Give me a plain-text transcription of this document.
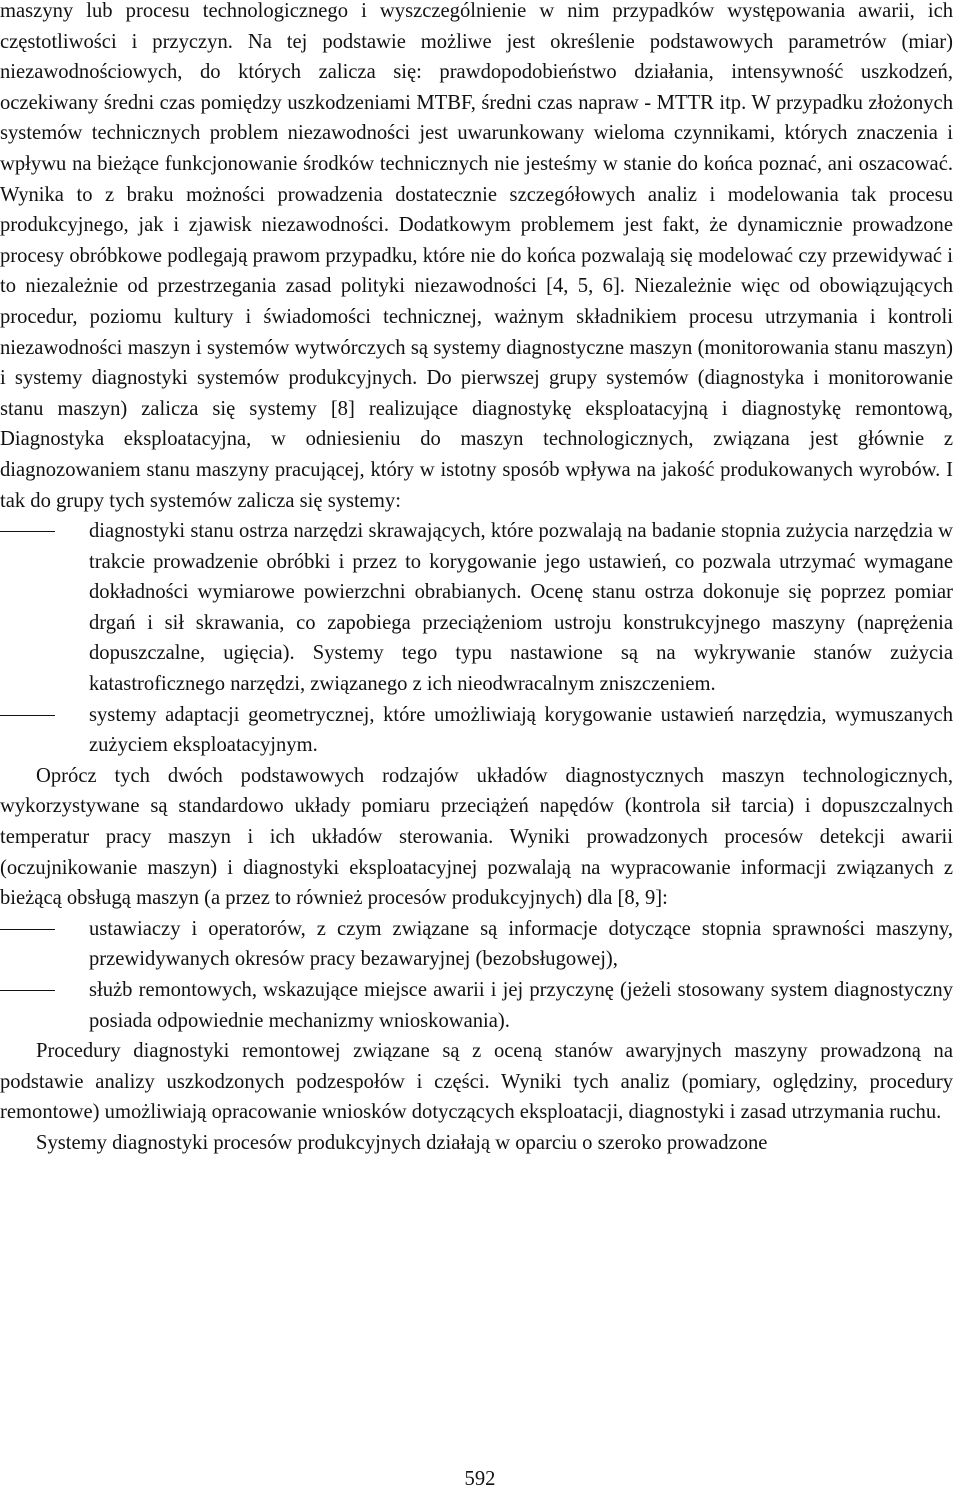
maszyny lub procesu technologicznego i wyszczególnienie w nim przypadków występowania awarii, ich częstotliwości i przyczyn. Na tej podstawie możliwe jest określenie podstawowych parametrów (miar) niezawodnościowych, do których zalicza się: prawdopodobieństwo działania, intensywność uszkodzeń, oczekiwany średni czas pomiędzy uszkodzeniami MTBF, średni czas napraw - MTTR itp. W przypadku złożonych systemów technicznych problem niezawodności jest uwarunkowany wieloma czynnikami, których znaczenia i wpływu na bieżące funkcjonowanie środków technicznych nie jesteśmy w stanie do końca poznać, ani oszacować. Wynika to z braku możności prowadzenia dostatecznie szczegółowych analiz i modelowania tak procesu produkcyjnego, jak i zjawisk niezawodności. Dodatkowym problemem jest fakt, że dynamicznie prowadzone procesy obróbkowe podlegają prawom przypadku, które nie do końca pozwalają się modelować czy przewidywać i to niezależnie od przestrzegania zasad polityki niezawodności [4, 5, 6]. Niezależnie więc od obowiązujących procedur, poziomu kultury i świadomości technicznej, ważnym składnikiem procesu utrzymania i kontroli niezawodności maszyn i systemów wytwórczych są systemy diagnostyczne maszyn (monitorowania stanu maszyn) i systemy diagnostyki systemów produkcyjnych. Do pierwszej grupy systemów (diagnostyka i monitorowanie stanu maszyn) zalicza się systemy [8] realizujące diagnostykę eksploatacyjną i diagnostykę remontową, Diagnostyka eksploatacyjna, w odniesieniu do maszyn technologicznych, związana jest głównie z diagnozowaniem stanu maszyny pracującej, który w istotny sposób wpływa na jakość produkowanych wyrobów. I tak do grupy tych systemów zalicza się systemy:

diagnostyki stanu ostrza narzędzi skrawających, które pozwalają na badanie stopnia zużycia narzędzia w trakcie prowadzenie obróbki i przez to korygowanie jego ustawień, co pozwala utrzymać wymagane dokładności wymiarowe powierzchni obrabianych. Ocenę stanu ostrza dokonuje się poprzez pomiar drgań i sił skrawania, co zapobiega przeciążeniom ustroju konstrukcyjnego maszyny (naprężenia dopuszczalne, ugięcia). Systemy tego typu nastawione są na wykrywanie stanów zużycia katastroficznego narzędzi, związanego z ich nieodwracalnym zniszczeniem.
systemy adaptacji geometrycznej, które umożliwiają korygowanie ustawień narzędzia, wymuszanych zużyciem eksploatacyjnym.

Oprócz tych dwóch podstawowych rodzajów układów diagnostycznych maszyn technologicznych, wykorzystywane są standardowo układy pomiaru przeciążeń napędów (kontrola sił tarcia) i dopuszczalnych temperatur pracy maszyn i ich układów sterowania. Wyniki prowadzonych procesów detekcji awarii (oczujnikowanie maszyn) i diagnostyki eksploatacyjnej pozwalają na wypracowanie informacji związanych z bieżącą obsługą maszyn (a przez to również procesów produkcyjnych) dla [8, 9]:

ustawiaczy i operatorów, z czym związane są informacje dotyczące stopnia sprawności maszyny, przewidywanych okresów pracy bezawaryjnej (bezobsługowej),
służb remontowych, wskazujące miejsce awarii i jej przyczynę (jeżeli stosowany system diagnostyczny posiada odpowiednie mechanizmy wnioskowania).

Procedury diagnostyki remontowej związane są z oceną stanów awaryjnych maszyny prowadzoną na podstawie analizy uszkodzonych podzespołów i części. Wyniki tych analiz (pomiary, oględziny, procedury remontowe) umożliwiają opracowanie wniosków dotyczących eksploatacji, diagnostyki i zasad utrzymania ruchu.

Systemy diagnostyki procesów produkcyjnych działają w oparciu o szeroko prowadzone

592
